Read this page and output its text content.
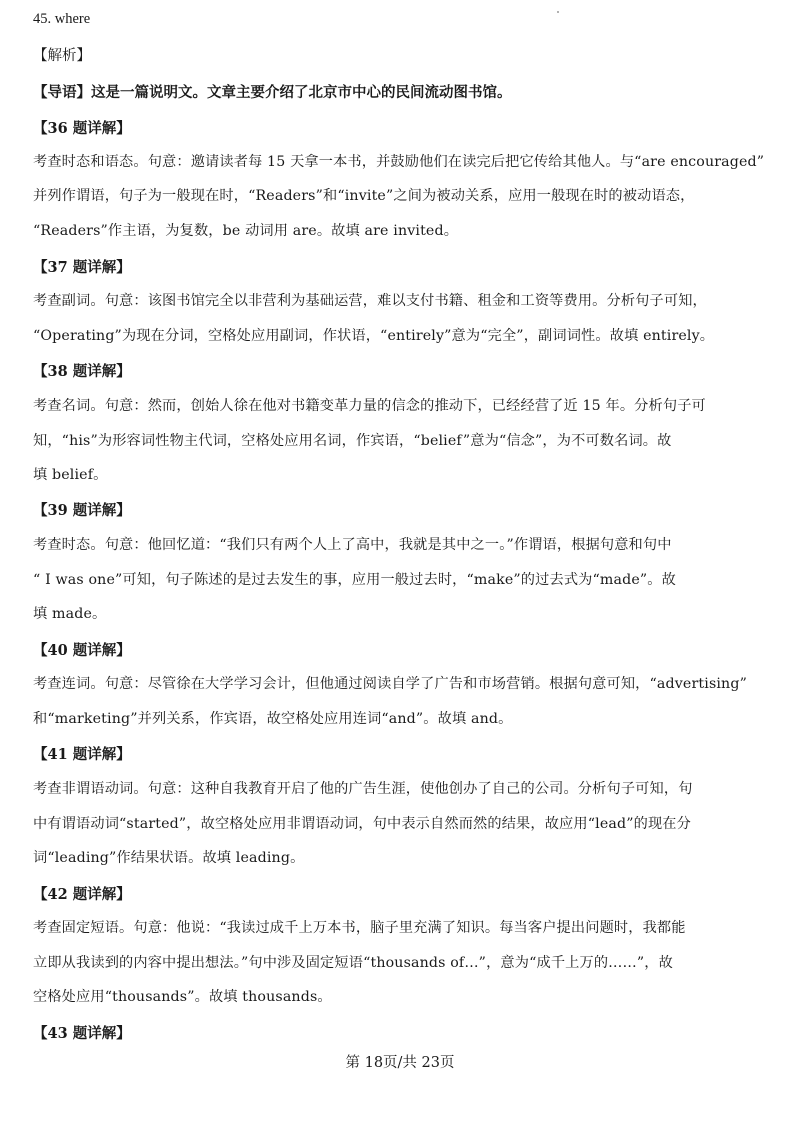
45. where
【解析】
【导语】这是一篇说明文。文章主要介绍了北京市中心的民间流动图书馆。
【36 题详解】
考查时态和语态。句意：邀请读者每 15 天拿一本书，并鼓励他们在读完后把它传给其他人。与“are encouraged”
并列作谓语，句子为一般现在时，“Readers”和“invite”之间为被动关系，应用一般现在时的被动语态，
“Readers”作主语，为复数，be 动词用 are。故填 are invited。
【37 题详解】
考查副词。句意：该图书馆完全以非营利为基础运营，难以支付书籍、租金和工资等费用。分析句子可知，
“Operating”为现在分词，空格处应用副词，作状语，“entirely”意为“完全”，副词词性。故填 entirely。
【38 题详解】
考查名词。句意：然而，创始人徐在他对书籍变革力量的信念的推动下，已经经营了近 15 年。分析句子可
知，“his”为形容词性物主代词，空格处应用名词，作宾语，“belief”意为“信念”，为不可数名词。故
填 belief。
【39 题详解】
考查时态。句意：他回忆道：“我们只有两个人上了高中，我就是其中之一。”作谓语，根据句意和句中
“ I was one”可知，句子陈述的是过去发生的事，应用一般过去时，“make”的过去式为“made”。故
填 made。
【40 题详解】
考查连词。句意：尽管徐在大学学习会计，但他通过阅读自学了广告和市场营销。根据句意可知，“advertising”
和“marketing”并列关系，作宾语，故空格处应用连词“and”。故填 and。
【41 题详解】
考查非谓语动词。句意：这种自我教育开启了他的广告生涯，使他创办了自己的公司。分析句子可知，句
中有谓语动词“started”，故空格处应用非谓语动词，句中表示自然而然的结果，故应用“lead”的现在分
词“leading”作结果状语。故填 leading。
【42 题详解】
考查固定短语。句意：他说：“我读过成千上万本书，脑子里充满了知识。每当客户提出问题时，我都能
立即从我读到的内容中提出想法。”句中涉及固定短语“thousands of…”，意为“成千上万的……”，故
空格处应用“thousands”。故填 thousands。
【43 题详解】
第 18页/共 23页
